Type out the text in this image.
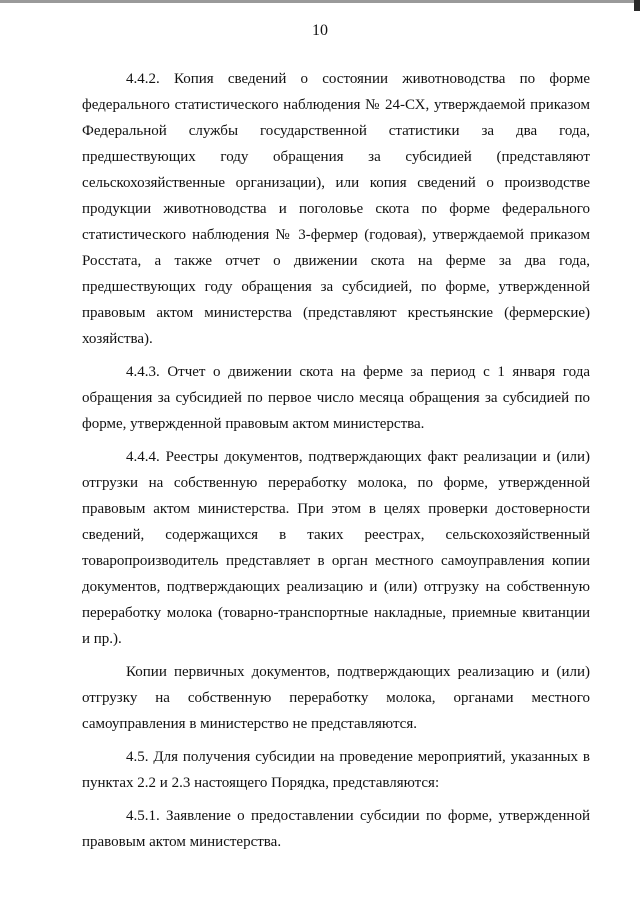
10

4.4.2. Копия сведений о состоянии животноводства по форме федерального статистического наблюдения № 24-СХ, утверждаемой приказом Федеральной службы государственной статистики за два года, предшествующих году обращения за субсидией (представляют сельскохозяйственные организации), или копия сведений о производстве продукции животноводства и поголовье скота по форме федерального статистического наблюдения № 3-фермер (годовая), утверждаемой приказом Росстата, а также отчет о движении скота на ферме за два года, предшествующих году обращения за субсидией, по форме, утвержденной правовым актом министерства (представляют крестьянские (фермерские) хозяйства).

4.4.3. Отчет о движении скота на ферме за период с 1 января года обращения за субсидией по первое число месяца обращения за субсидией по форме, утвержденной правовым актом министерства.

4.4.4. Реестры документов, подтверждающих факт реализации и (или) отгрузки на собственную переработку молока, по форме, утвержденной правовым актом министерства. При этом в целях проверки достоверности сведений, содержащихся в таких реестрах, сельскохозяйственный товаропроизводитель представляет в орган местного самоуправления копии документов, подтверждающих реализацию и (или) отгрузку на собственную переработку молока (товарно-транспортные накладные, приемные квитанции и пр.).

Копии первичных документов, подтверждающих реализацию и (или) отгрузку на собственную переработку молока, органами местного самоуправления в министерство не представляются.

4.5. Для получения субсидии на проведение мероприятий, указанных в пунктах 2.2 и 2.3 настоящего Порядка, представляются:

4.5.1. Заявление о предоставлении субсидии по форме, утвержденной правовым актом министерства.
